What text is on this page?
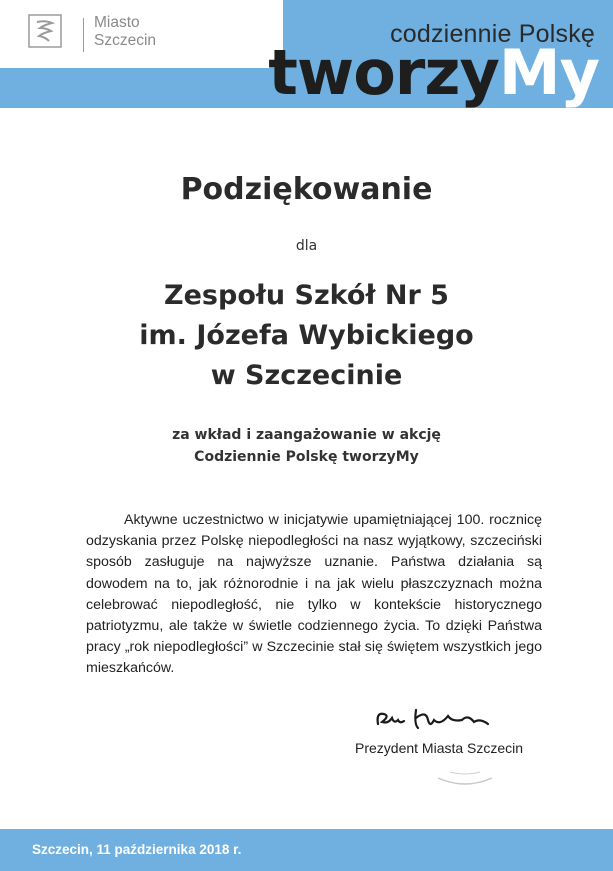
Miasto
Szczecin	codziennie Polskę
tworzyMy
Podziękowanie
dla
Zespołu Szkół Nr 5
im. Józefa Wybickiego
w Szczecinie
za wkład i zaangażowanie w akcję
Codziennie Polskę tworzyMy

Aktywne uczestnictwo w inicjatywie upamiętniającej 100. rocznicę odzyskania przez Polskę niepodległości na nasz wyjątkowy, szczeciński sposób zasługuje na najwyższe uznanie. Państwa działania są dowodem na to, jak różnorodnie i na jak wielu płaszczyznach można celebrować niepodległość, nie tylko w kontekście historycznego patriotyzmu, ale także w świetle codziennego życia. To dzięki Państwa pracy „rok niepodległości” w Szczecinie stał się świętem wszystkich jego mieszkańców.

Prezydent Miasta Szczecin
Szczecin, 11 października 2018 r.
